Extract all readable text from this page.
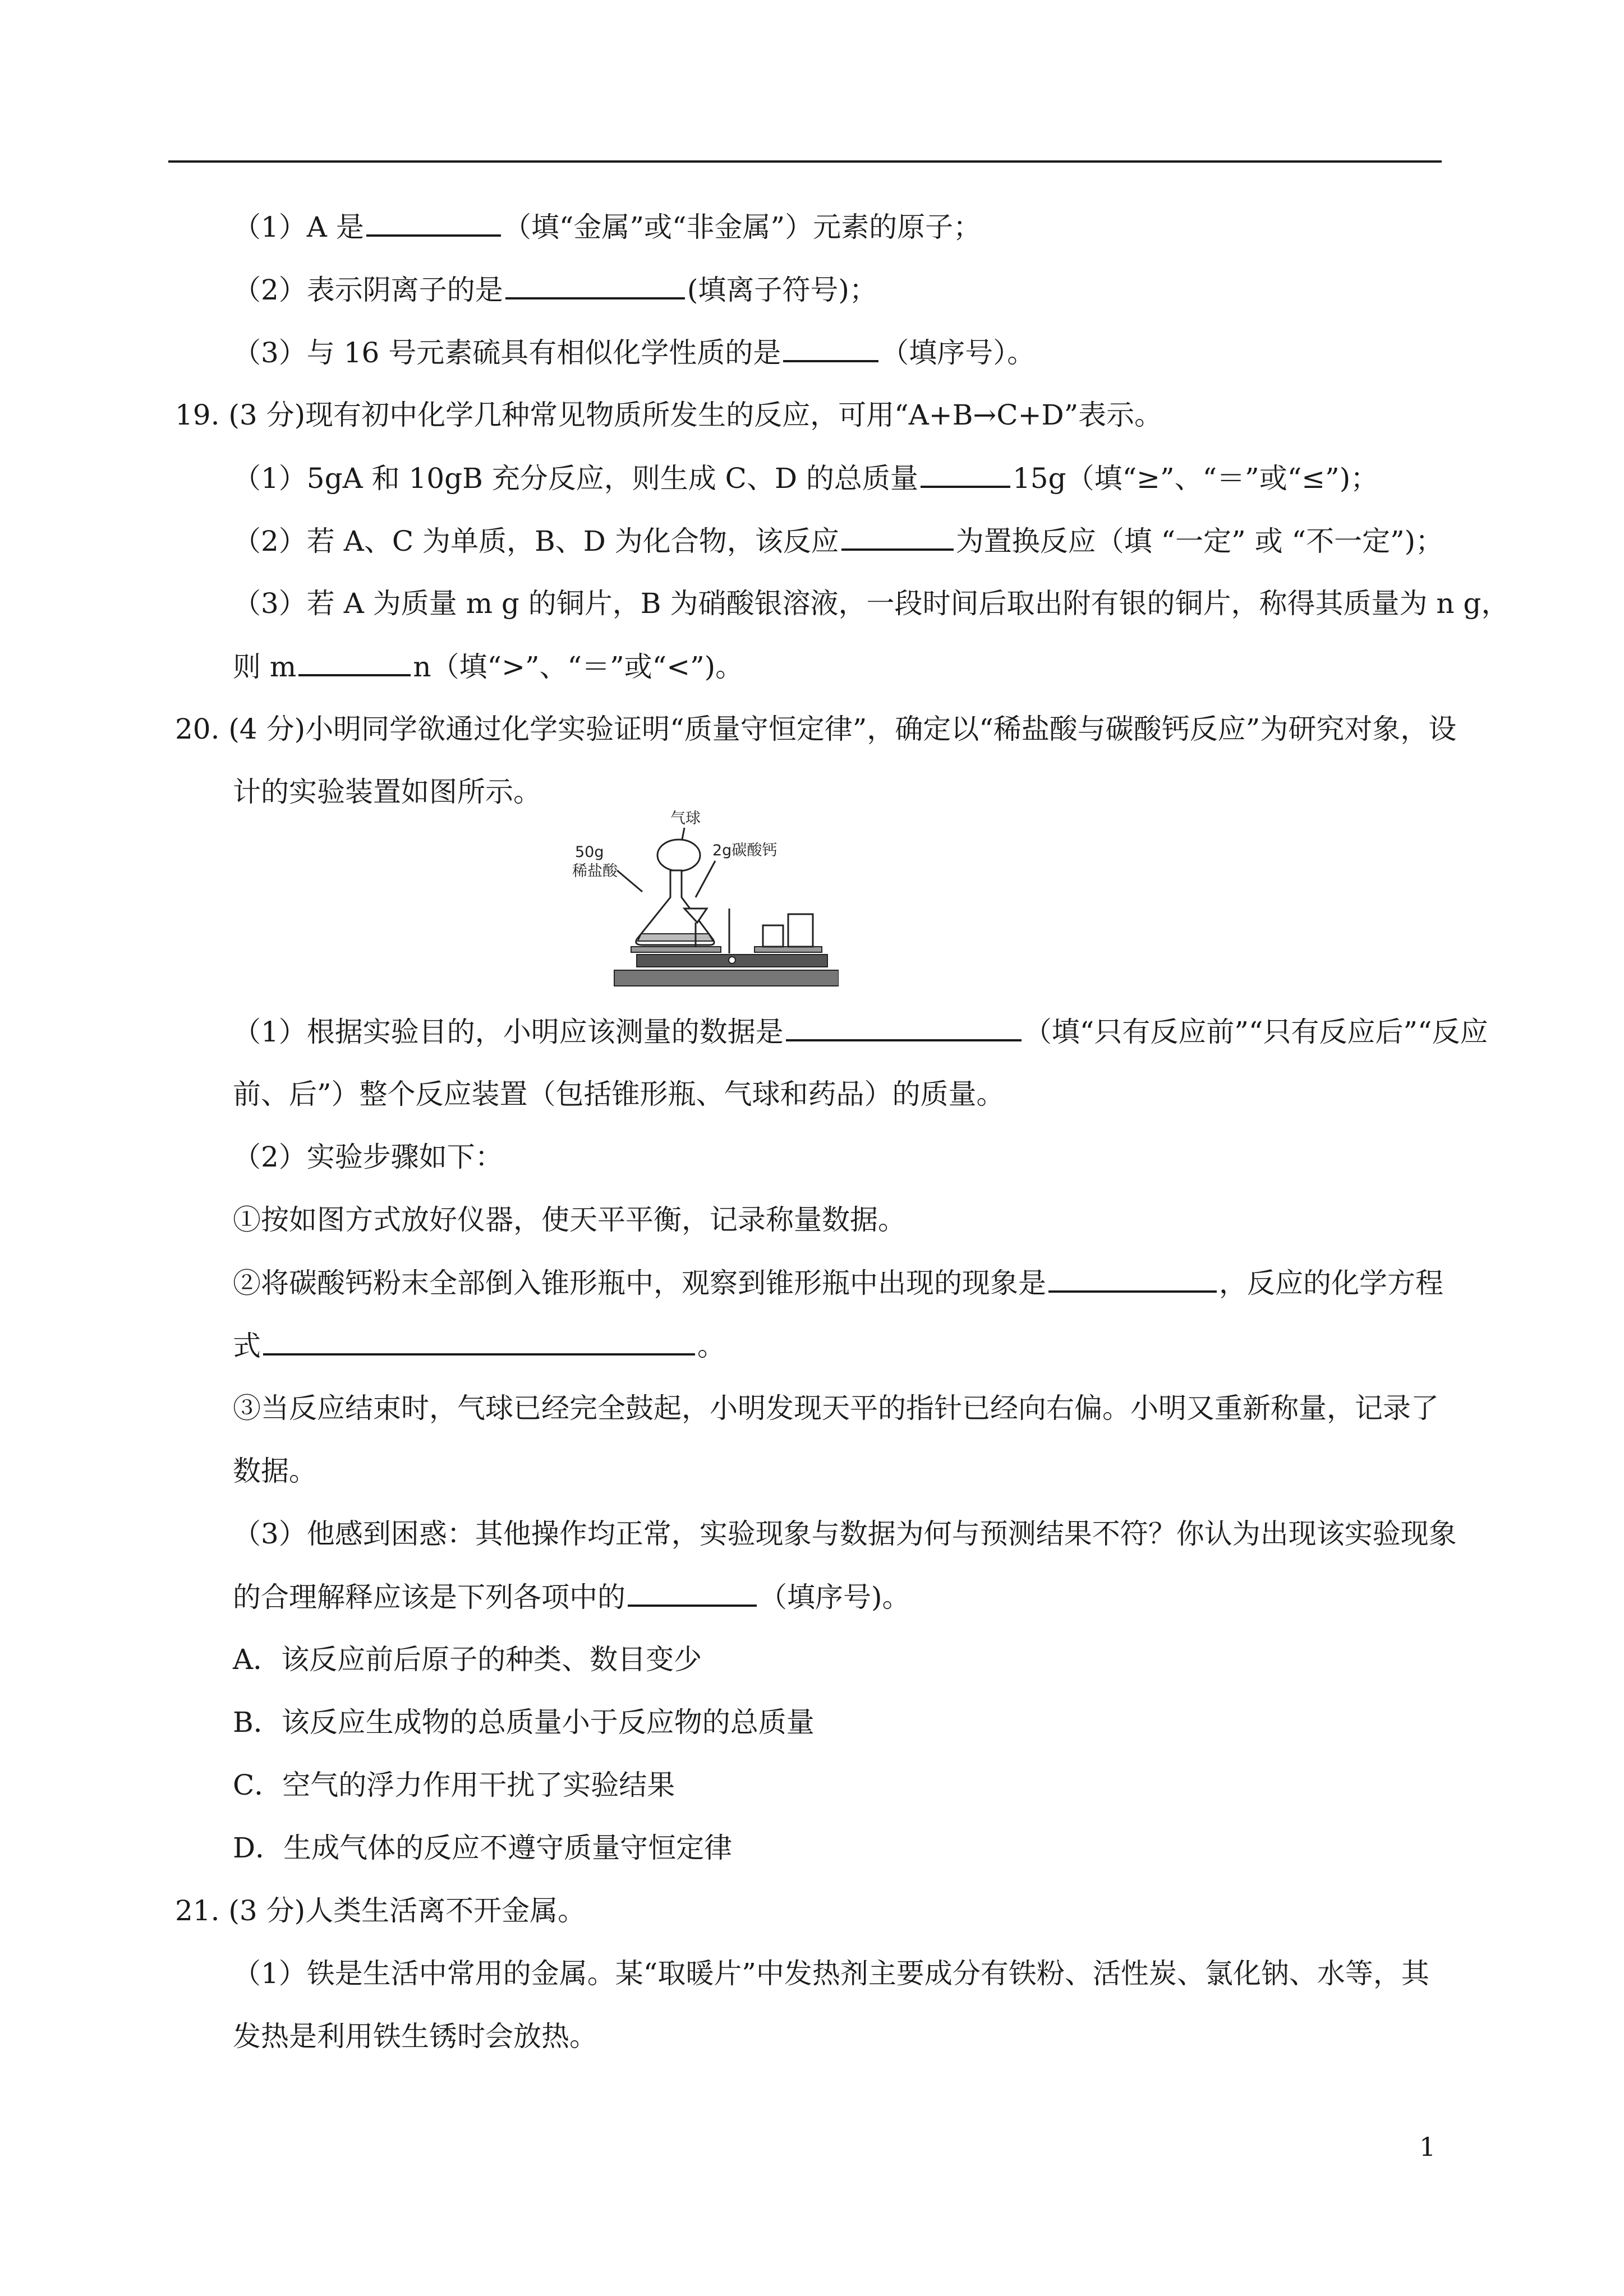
（1）A 是	（填“金属”或“非金属”）元素的原子；
（2）表示阴离子的是	(填离子符号)；
（3）与 16 号元素硫具有相似化学性质的是	（填序号）。
19. (3 分)现有初中化学几种常见物质所发生的反应，可用“A+B→C+D”表示。
（1）5gA 和 10gB 充分反应，则生成 C、D 的总质量	15g（填“≥”、“＝”或“≤”)；
（2）若 A、C 为单质，B、D 为化合物，该反应	为置换反应（填 “一定” 或 “不一定”)；
（3）若 A 为质量 m g 的铜片，B 为硝酸银溶液，一段时间后取出附有银的铜片，称得其质量为 n g，
则 m	n（填“>”、“＝”或“<”)。
20. (4 分)小明同学欲通过化学实验证明“质量守恒定律”，确定以“稀盐酸与碳酸钙反应”为研究对象，设
计的实验装置如图所示。
气球
50g
稀盐酸
2g碳酸钙
（1）根据实验目的，小明应该测量的数据是	（填“只有反应前”“只有反应后”“反应
前、后”）整个反应装置（包括锥形瓶、气球和药品）的质量。
（2）实验步骤如下：
①按如图方式放好仪器，使天平平衡，记录称量数据。
②将碳酸钙粉末全部倒入锥形瓶中，观察到锥形瓶中出现的现象是	，反应的化学方程
式	。
③当反应结束时，气球已经完全鼓起，小明发现天平的指针已经向右偏。小明又重新称量，记录了
数据。
（3）他感到困惑：其他操作均正常，实验现象与数据为何与预测结果不符？你认为出现该实验现象
的合理解释应该是下列各项中的	（填序号)。
A．该反应前后原子的种类、数目变少
B．该反应生成物的总质量小于反应物的总质量
C．空气的浮力作用干扰了实验结果
D．生成气体的反应不遵守质量守恒定律
21. (3 分)人类生活离不开金属。
（1）铁是生活中常用的金属。某“取暖片”中发热剂主要成分有铁粉、活性炭、氯化钠、水等，其
发热是利用铁生锈时会放热。
1
